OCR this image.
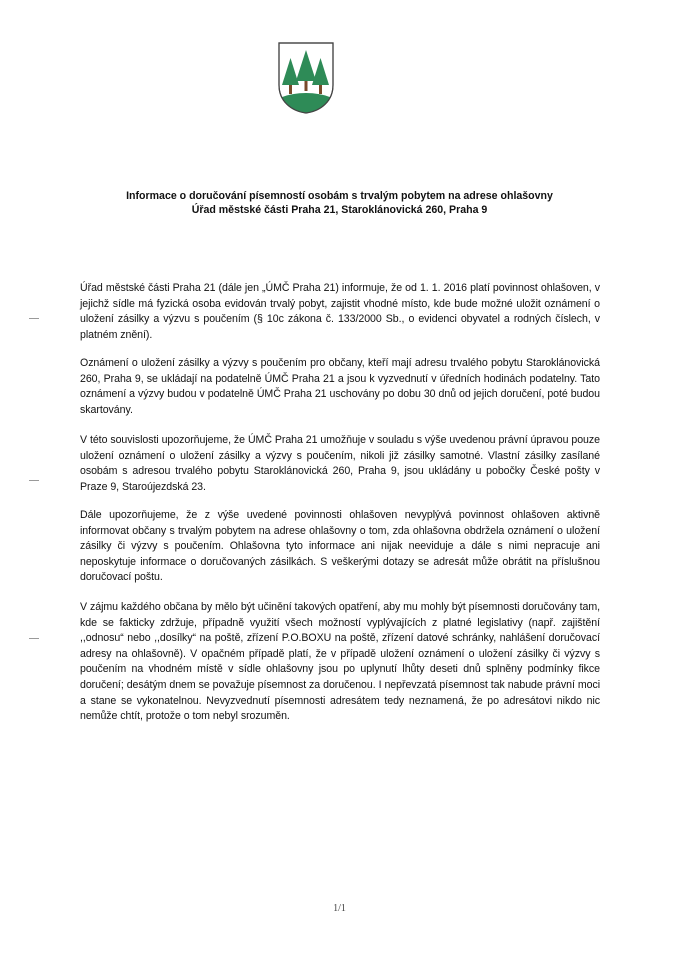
Informace o doručování písemností osobám s trvalým pobytem na adrese ohlašovny
Úřad městské části Praha 21, Staroklánovická 260, Praha 9

Úřad městské části Praha 21 (dále jen „ÚMČ Praha 21) informuje, že od 1. 1. 2016 platí povinnost ohlašoven, v jejichž sídle má fyzická osoba evidován trvalý pobyt, zajistit vhodné místo, kde bude možné uložit oznámení o uložení zásilky a výzvu s poučením (§ 10c zákona č. 133/2000 Sb., o evidenci obyvatel a rodných číslech, v platném znění).

Oznámení o uložení zásilky a výzvy s poučením pro občany, kteří mají adresu trvalého pobytu Staroklánovická 260, Praha 9, se ukládají na podatelně ÚMČ Praha 21 a jsou k vyzvednutí v úředních hodinách podatelny. Tato oznámení a výzvy budou v podatelně ÚMČ Praha 21 uschovány po dobu 30 dnů od jejich doručení, poté budou skartovány.

V této souvislosti upozorňujeme, že ÚMČ Praha 21 umožňuje v souladu s výše uvedenou právní úpravou pouze uložení oznámení o uložení zásilky a výzvy s poučením, nikoli již zásilky samotné. Vlastní zásilky zasílané osobám s adresou trvalého pobytu Staroklánovická 260, Praha 9, jsou ukládány u pobočky České pošty v Praze 9, Staroújezdská 23.

Dále upozorňujeme, že z výše uvedené povinnosti ohlašoven nevyplývá povinnost ohlašoven aktivně informovat občany s trvalým pobytem na adrese ohlašovny o tom, zda ohlašovna obdržela oznámení o uložení zásilky či výzvy s poučením. Ohlašovna tyto informace ani nijak neeviduje a dále s nimi nepracuje ani neposkytuje informace o doručovaných zásilkách. S veškerými dotazy se adresát může obrátit na příslušnou doručovací poštu.

V zájmu každého občana by mělo být učinění takových opatření, aby mu mohly být písemnosti doručovány tam, kde se fakticky zdržuje, případně využití všech možností vyplývajících z platné legislativy (např. zajištění ,,odnosu“ nebo ,,dosílky“ na poště, zřízení P.O.BOXU na poště, zřízení datové schránky, nahlášení doručovací adresy na ohlašovně). V opačném případě platí, že v případě uložení oznámení o uložení zásilky či výzvy s poučením na vhodném místě v sídle ohlašovny jsou po uplynutí lhůty deseti dnů splněny podmínky fikce doručení; desátým dnem se považuje písemnost za doručenou. I nepřevzatá písemnost tak nabude právní moci a stane se vykonatelnou. Nevyzvednutí písemnosti adresátem tedy neznamená, že po adresátovi nikdo nic nemůže chtít, protože o tom nebyl srozuměn.

1/1
